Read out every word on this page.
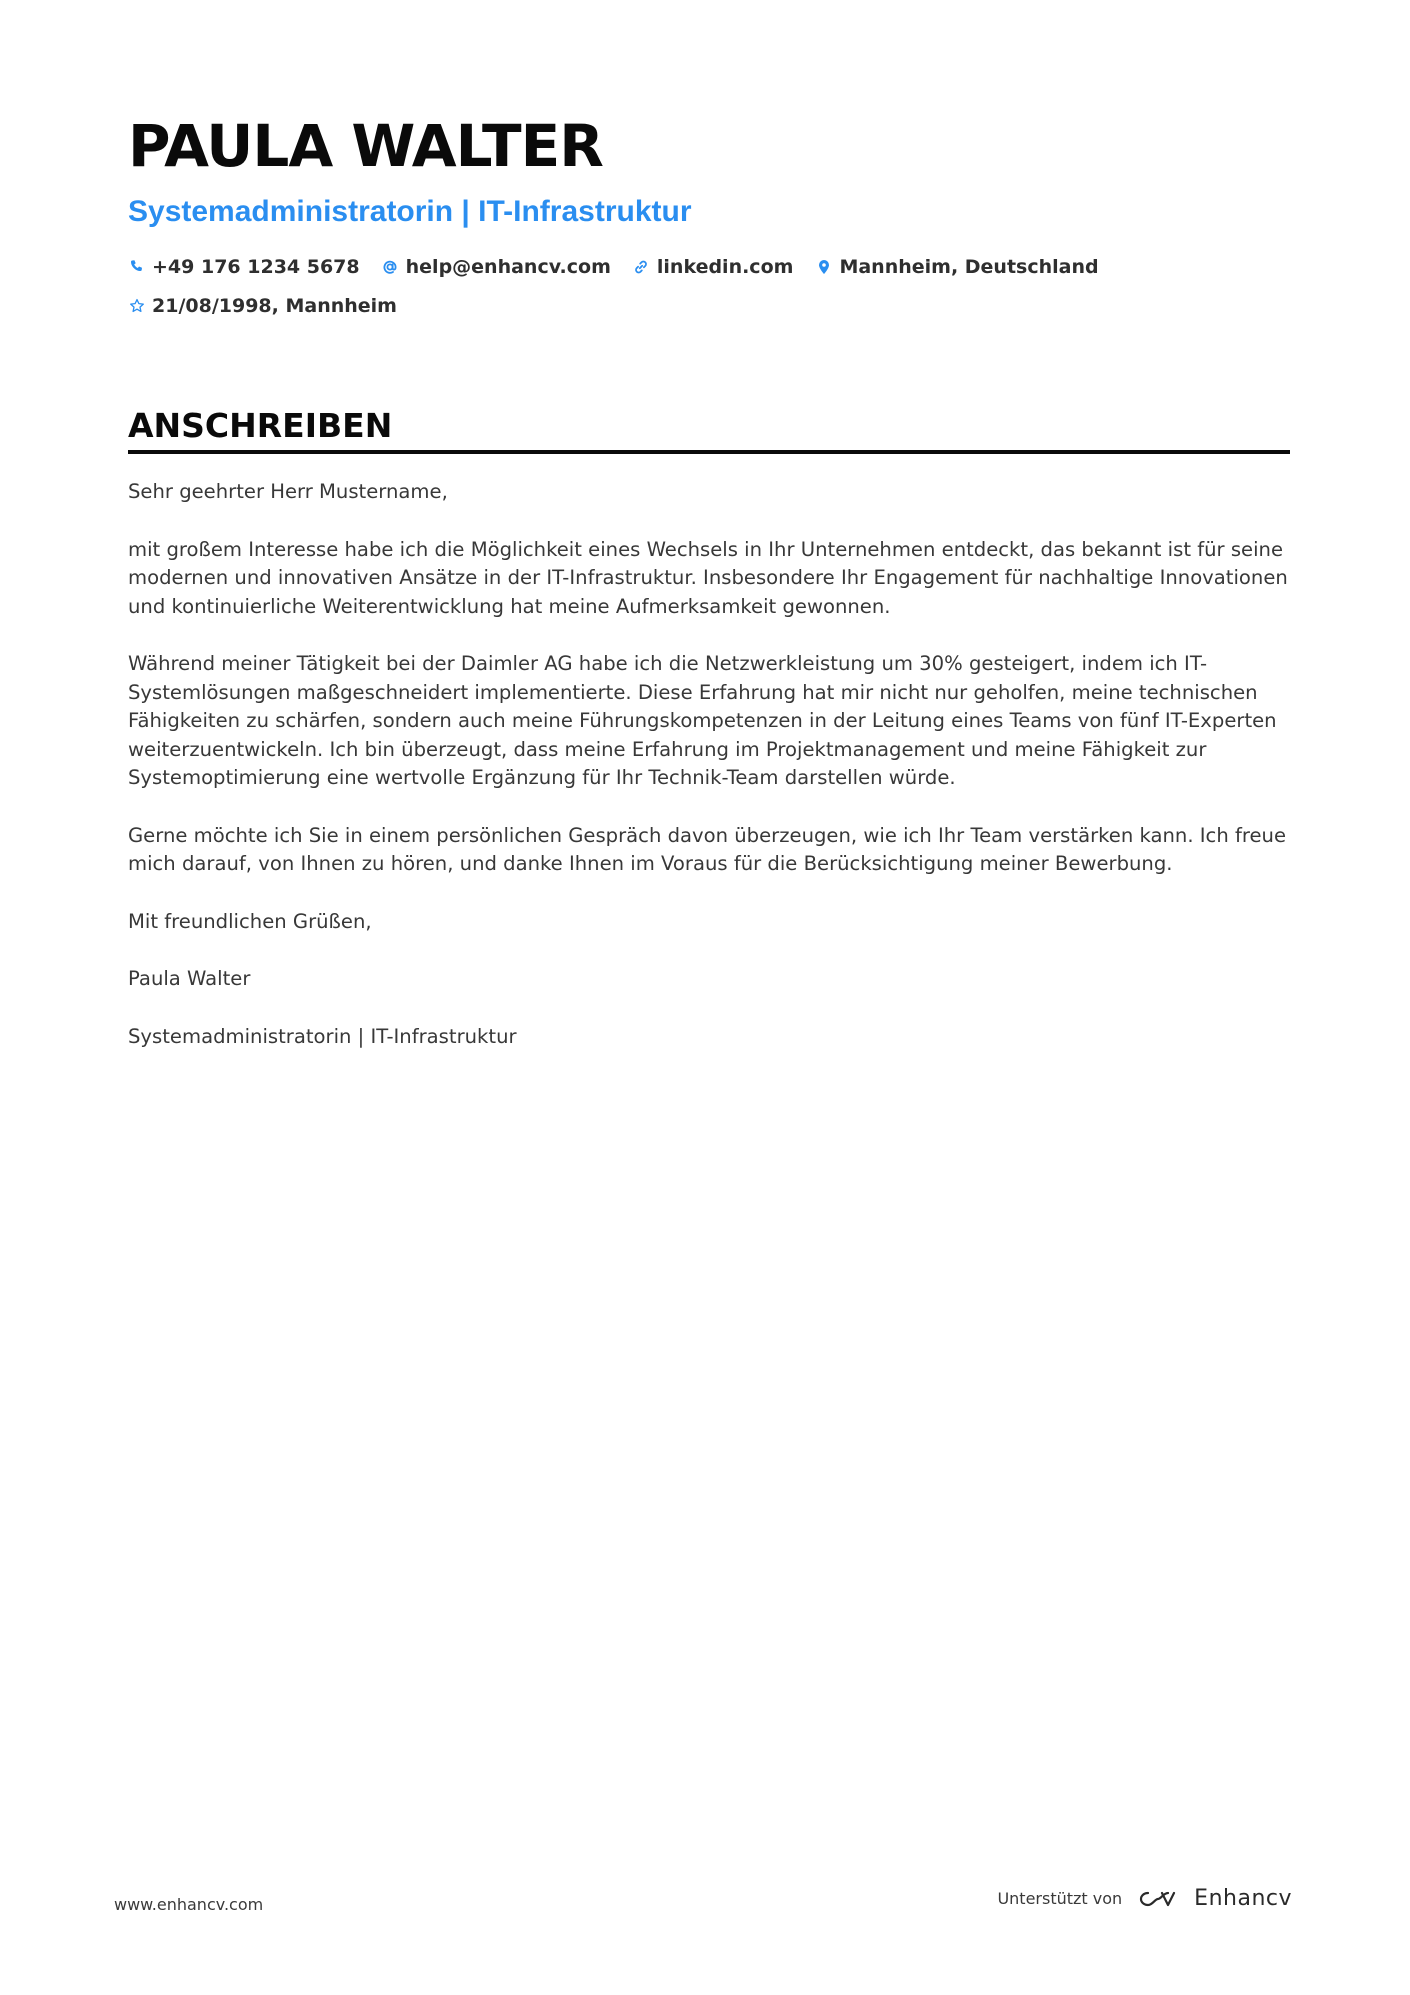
PAULA WALTER
Systemadministratorin | IT-Infrastruktur
+49 176 1234 5678 help@enhancv.com linkedin.com Mannheim, Deutschland
21/08/1998, Mannheim
ANSCHREIBEN

Sehr geehrter Herr Mustername,

mit großem Interesse habe ich die Möglichkeit eines Wechsels in Ihr Unternehmen entdeckt, das bekannt ist für seine modernen und innovativen Ansätze in der IT-Infrastruktur. Insbesondere Ihr Engagement für nachhaltige Innovationen und kontinuierliche Weiterentwicklung hat meine Aufmerksamkeit gewonnen.

Während meiner Tätigkeit bei der Daimler AG habe ich die Netzwerkleistung um 30% gesteigert, indem ich IT-Systemlösungen maßgeschneidert implementierte. Diese Erfahrung hat mir nicht nur geholfen, meine technischen Fähigkeiten zu schärfen, sondern auch meine Führungskompetenzen in der Leitung eines Teams von fünf IT-Experten weiterzuentwickeln. Ich bin überzeugt, dass meine Erfahrung im Projektmanagement und meine Fähigkeit zur Systemoptimierung eine wertvolle Ergänzung für Ihr Technik-Team darstellen würde.

Gerne möchte ich Sie in einem persönlichen Gespräch davon überzeugen, wie ich Ihr Team verstärken kann. Ich freue mich darauf, von Ihnen zu hören, und danke Ihnen im Voraus für die Berücksichtigung meiner Bewerbung.

Mit freundlichen Grüßen,

Paula Walter

Systemadministratorin | IT-Infrastruktur

www.enhancv.com	Unterstützt von	Enhancv
